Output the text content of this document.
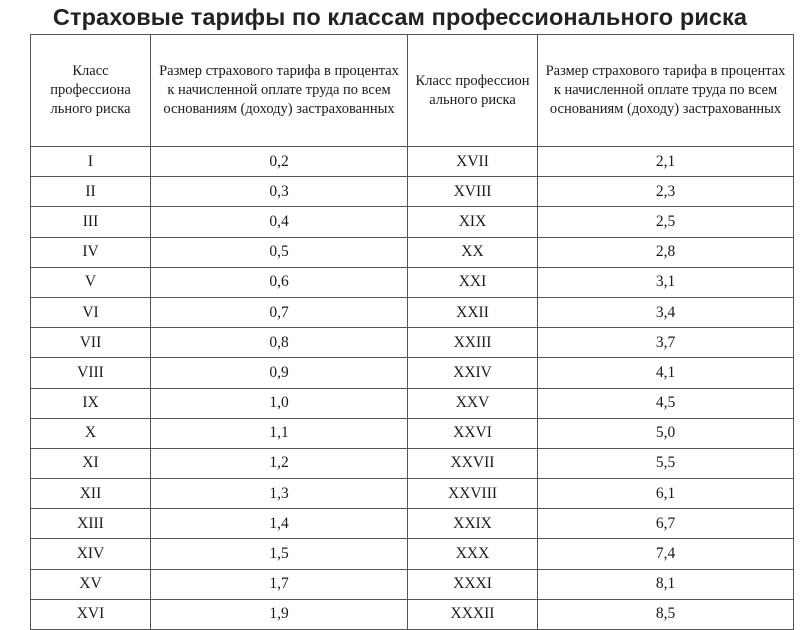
Страховые тарифы по классам профессионального риска
Класс профессиона льного риска	Размер страхового тарифа в процентах к начисленной оплате труда по всем основаниям (доходу) застрахованных	Класс профессион ального риска	Размер страхового тарифа в процентах к начисленной оплате труда по всем основаниям (доходу) застрахованных
I	0,2	XVII	2,1
II	0,3	XVIII	2,3
III	0,4	XIX	2,5
IV	0,5	XX	2,8
V	0,6	XXI	3,1
VI	0,7	XXII	3,4
VII	0,8	XXIII	3,7
VIII	0,9	XXIV	4,1
IX	1,0	XXV	4,5
X	1,1	XXVI	5,0
XI	1,2	XXVII	5,5
XII	1,3	XXVIII	6,1
XIII	1,4	XXIX	6,7
XIV	1,5	XXX	7,4
XV	1,7	XXXI	8,1
XVI	1,9	XXXII	8,5
